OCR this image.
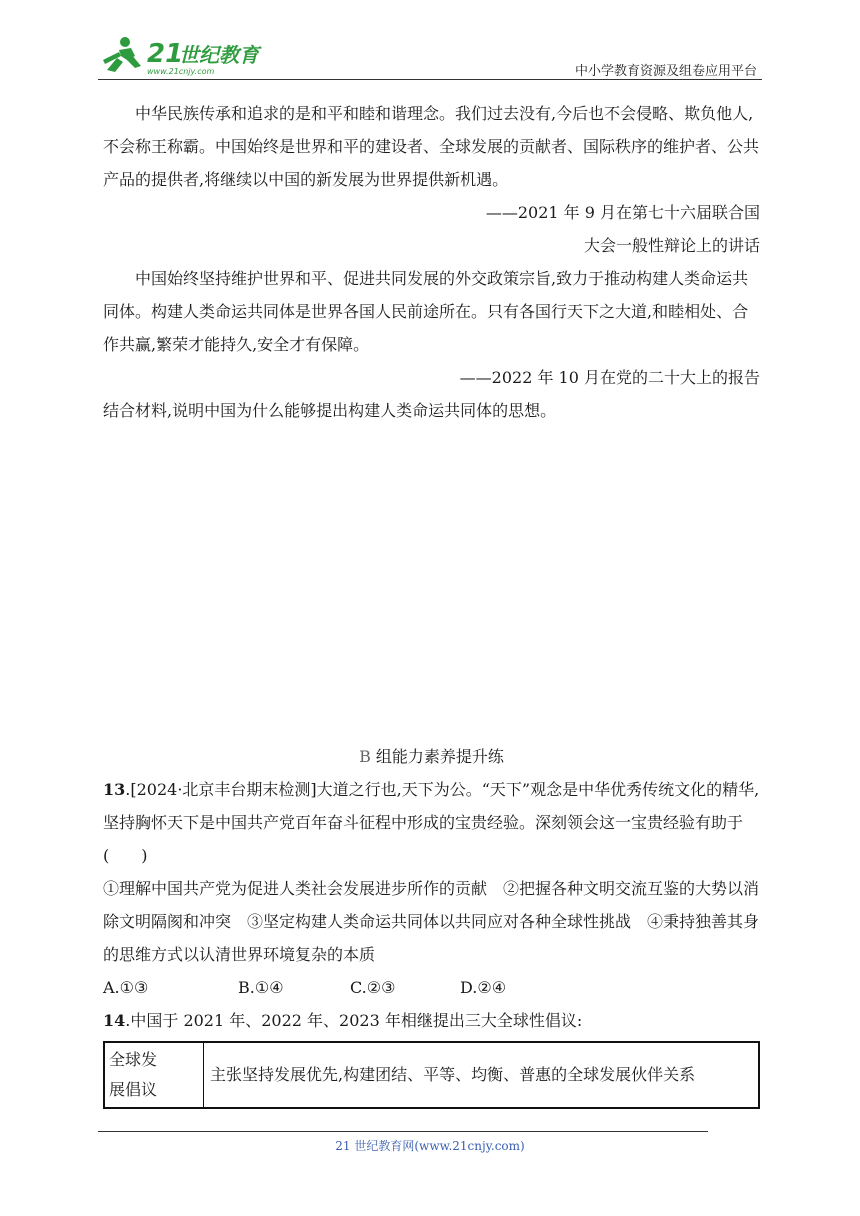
21
世纪教育
www.21cnjy.com	中小学教育资源及组卷应用平台

中华民族传承和追求的是和平和睦和谐理念。我们过去没有,今后也不会侵略、欺负他人,不会称王称霸。中国始终是世界和平的建设者、全球发展的贡献者、国际秩序的维护者、公共产品的提供者,将继续以中国的新发展为世界提供新机遇。

——2021 年 9 月在第七十六届联合国

大会一般性辩论上的讲话

中国始终坚持维护世界和平、促进共同发展的外交政策宗旨,致力于推动构建人类命运共同体。构建人类命运共同体是世界各国人民前途所在。只有各国行天下之大道,和睦相处、合作共赢,繁荣才能持久,安全才有保障。

——2022 年 10 月在党的二十大上的报告

结合材料,说明中国为什么能够提出构建人类命运共同体的思想。

B 组能力素养提升练

13.[2024·北京丰台期末检测]大道之行也,天下为公。“天下”观念是中华优秀传统文化的精华,坚持胸怀天下是中国共产党百年奋斗征程中形成的宝贵经验。深刻领会这一宝贵经验有助于(　　)

①理解中国共产党为促进人类社会发展进步所作的贡献　②把握各种文明交流互鉴的大势以消除文明隔阂和冲突　③坚定构建人类命运共同体以共同应对各种全球性挑战　④秉持独善其身的思维方式以认清世界环境复杂的本质

A.①③	B.①④	C.②③	D.②④

14.中国于 2021 年、2022 年、2023 年相继提出三大全球性倡议:

全球发
展倡议
	主张坚持发展优先,构建团结、平等、均衡、普惠的全球发展伙伴关系
21 世纪教育网(www.21cnjy.com)
